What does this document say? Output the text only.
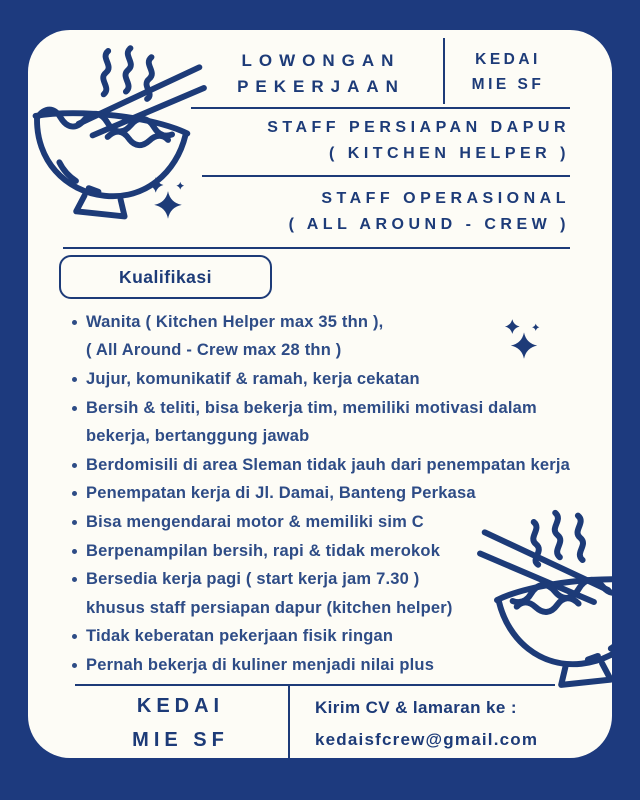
LOWONGAN
PEKERJAAN
KEDAI
MIE SF
STAFF PERSIAPAN DAPUR
( KITCHEN HELPER )
STAFF OPERASIONAL
( ALL AROUND - CREW )
Kualifikasi
Wanita ( Kitchen Helper max 35 thn ),
( All Around - Crew max 28 thn )
Jujur, komunikatif & ramah, kerja cekatan
Bersih & teliti, bisa bekerja tim, memiliki motivasi dalam
bekerja, bertanggung jawab
Berdomisili di area Sleman tidak jauh dari penempatan kerja
Penempatan kerja di Jl. Damai, Banteng Perkasa
Bisa mengendarai motor & memiliki sim C
Berpenampilan bersih, rapi & tidak merokok
Bersedia kerja pagi ( start kerja jam 7.30 )
khusus staff persiapan dapur (kitchen helper)
Tidak keberatan pekerjaan fisik ringan
Pernah bekerja di kuliner menjadi nilai plus
KEDAI
MIE SF
Kirim CV & lamaran ke :
kedaisfcrew@gmail.com
